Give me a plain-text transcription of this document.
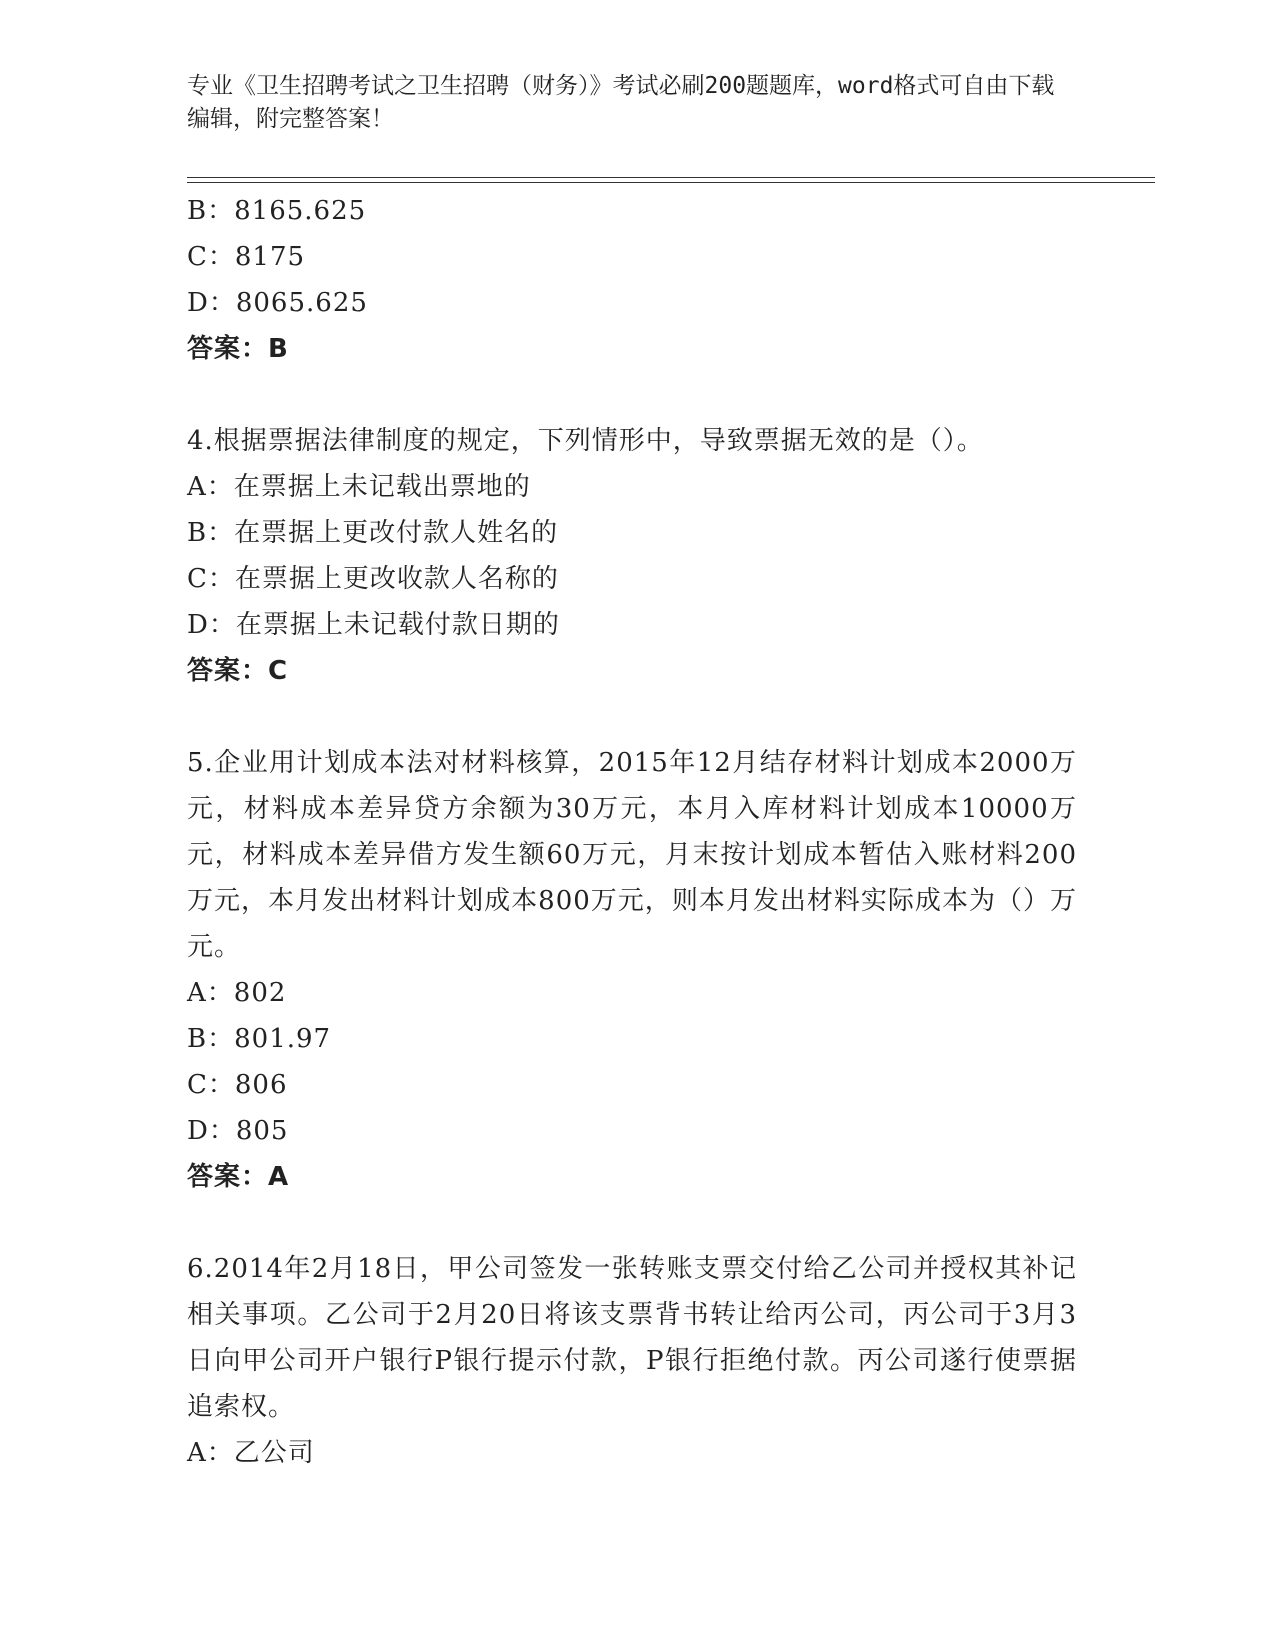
专业《卫生招聘考试之卫生招聘（财务）》考试必刷200题题库，word格式可自由下载编辑，附完整答案！
B：8165.625
C：8175
D：8065.625
答案：B
4.根据票据法律制度的规定，下列情形中，导致票据无效的是（）。
A：在票据上未记载出票地的
B：在票据上更改付款人姓名的
C：在票据上更改收款人名称的
D：在票据上未记载付款日期的
答案：C
5.企业用计划成本法对材料核算，2015年12月结存材料计划成本2000万元，材料成本差异贷方余额为30万元，本月入库材料计划成本10000万元，材料成本差异借方发生额60万元，月末按计划成本暂估入账材料200万元，本月发出材料计划成本800万元，则本月发出材料实际成本为（）万元。
A：802
B：801.97
C：806
D：805
答案：A
6.2014年2月18日，甲公司签发一张转账支票交付给乙公司并授权其补记相关事项。乙公司于2月20日将该支票背书转让给丙公司，丙公司于3月3日向甲公司开户银行P银行提示付款，P银行拒绝付款。丙公司遂行使票据追索权。
A：乙公司
